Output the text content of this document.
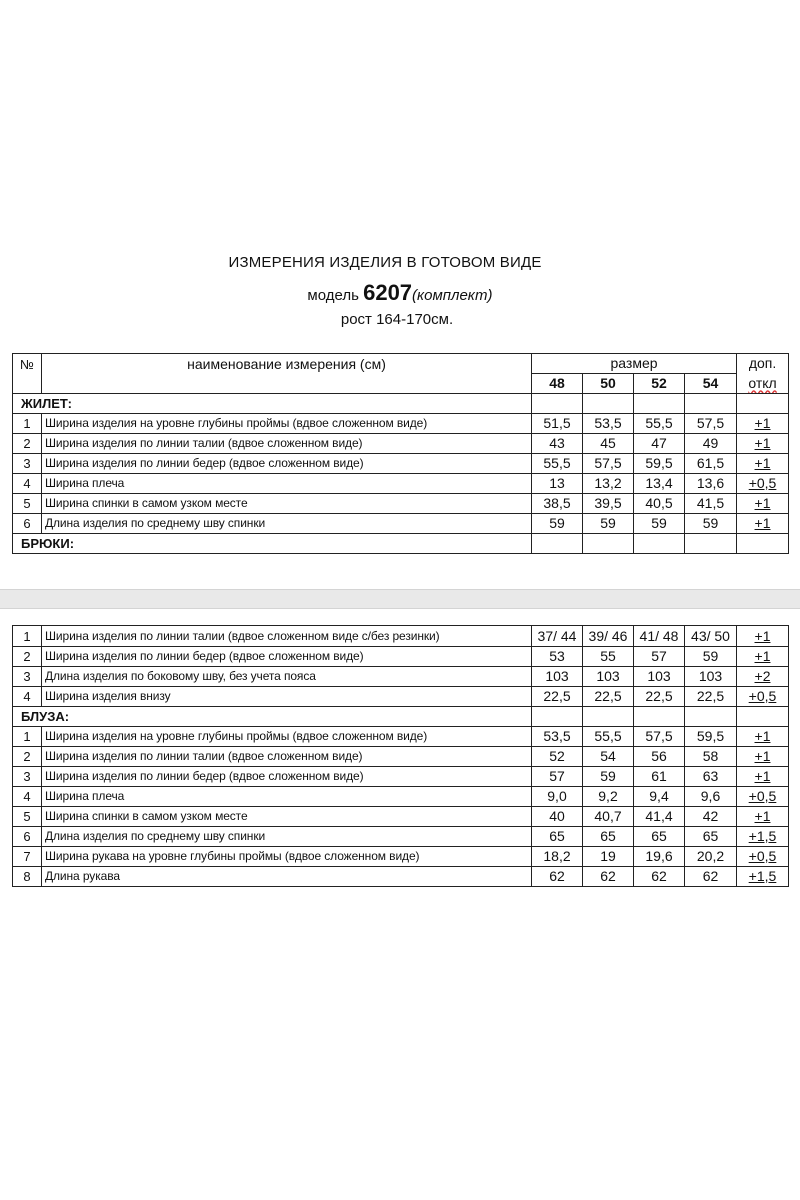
ИЗМЕРЕНИЯ ИЗДЕЛИЯ В ГОТОВОМ ВИДЕ
модель 6207(комплект)
рост 164-170см.
№	наименование измерения (см)	размер				доп.
		48	50	52	54	откл
ЖИЛЕТ:						
1	Ширина изделия на уровне глубины проймы (вдвое сложенном виде)	51,5	53,5	55,5	57,5	+1
2	Ширина изделия по линии талии (вдвое сложенном виде)	43	45	47	49	+1
3	Ширина изделия по линии бедер (вдвое сложенном виде)	55,5	57,5	59,5	61,5	+1
4	Ширина плеча	13	13,2	13,4	13,6	+0,5
5	Ширина спинки в самом узком месте	38,5	39,5	40,5	41,5	+1
6	Длина изделия по среднему шву спинки	59	59	59	59	+1
БРЮКИ:						
1	Ширина изделия по линии талии (вдвое сложенном виде с/без резинки)	37/ 44	39/ 46	41/ 48	43/ 50	+1
2	Ширина изделия по линии бедер (вдвое сложенном виде)	53	55	57	59	+1
3	Длина изделия по боковому шву, без учета пояса	103	103	103	103	+2
4	Ширина изделия внизу	22,5	22,5	22,5	22,5	+0,5
БЛУЗА:						
1	Ширина изделия на уровне глубины проймы (вдвое сложенном виде)	53,5	55,5	57,5	59,5	+1
2	Ширина изделия по линии талии (вдвое сложенном виде)	52	54	56	58	+1
3	Ширина изделия по линии бедер (вдвое сложенном виде)	57	59	61	63	+1
4	Ширина плеча	9,0	9,2	9,4	9,6	+0,5
5	Ширина спинки в самом узком месте	40	40,7	41,4	42	+1
6	Длина изделия по среднему шву спинки	65	65	65	65	+1,5
7	Ширина рукава на уровне глубины проймы (вдвое сложенном виде)	18,2	19	19,6	20,2	+0,5
8	Длина рукава	62	62	62	62	+1,5
